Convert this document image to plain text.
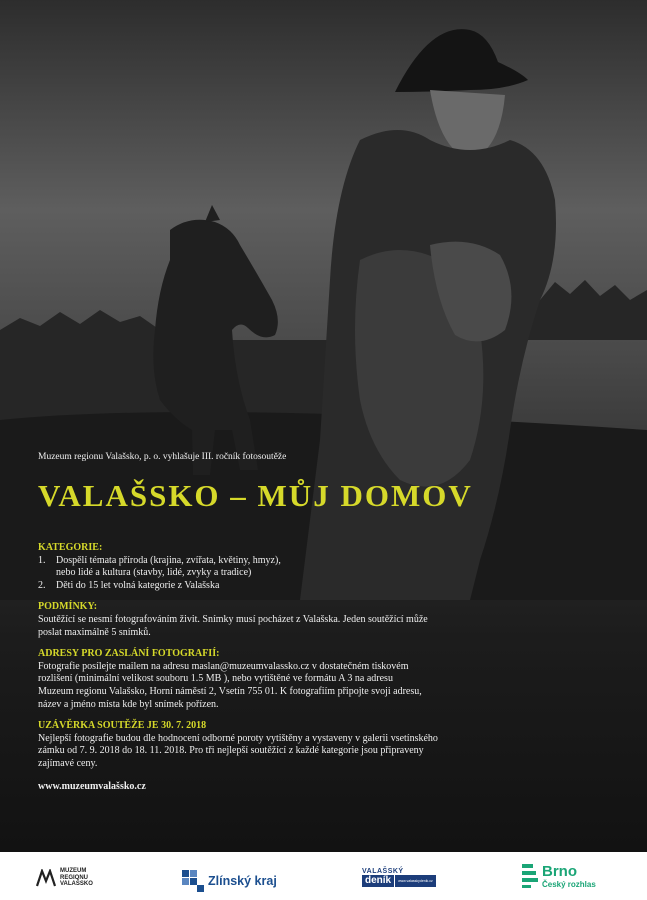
Muzeum regionu Valašsko, p. o. vyhlašuje III. ročník fotosoutěže

VALAŠSKO – MŮJ DOMOV
KATEGORIE:
1.	Dospělí témata příroda (krajina, zvířata, květiny, hmyz),

nebo lidé a kultura (stavby, lidé, zvyky a tradice)

2.	Děti do 15 let volná kategorie z Valašska

PODMÍNKY:

Soutěžící se nesmí fotografováním živit. Snímky musí pocházet z Valašska. Jeden soutěžící může

poslat maximálně 5 snímků.

ADRESY PRO ZASLÁNÍ FOTOGRAFIÍ:

Fotografie posílejte mailem na adresu maslan@muzeumvalassko.cz v dostatečném tiskovém

rozlišení (minimální velikost souboru 1.5 MB ), nebo vytištěné ve formátu A 3 na adresu

Muzeum regionu Valašsko, Horní náměstí 2, Vsetín 755 01. K fotografiím připojte svoji adresu,

název a jméno místa kde byl snímek pořízen.

UZÁVĚRKA SOUTĚŽE JE 30. 7. 2018

Nejlepší fotografie budou dle hodnocení odborné poroty vytištěny a vystaveny v galerii vsetínského

zámku od 7. 9. 2018 do 18. 11. 2018. Pro tři nejlepší soutěžící z každé kategorie jsou připraveny

zajímavé ceny.

www.muzeumvalašsko.cz
MUZEUM
REGIONU
VALAŠSKO	Zlínský kraj
VALAŠSKÝ
deník	www.valasskydenik.cz
Brno
Český rozhlas
